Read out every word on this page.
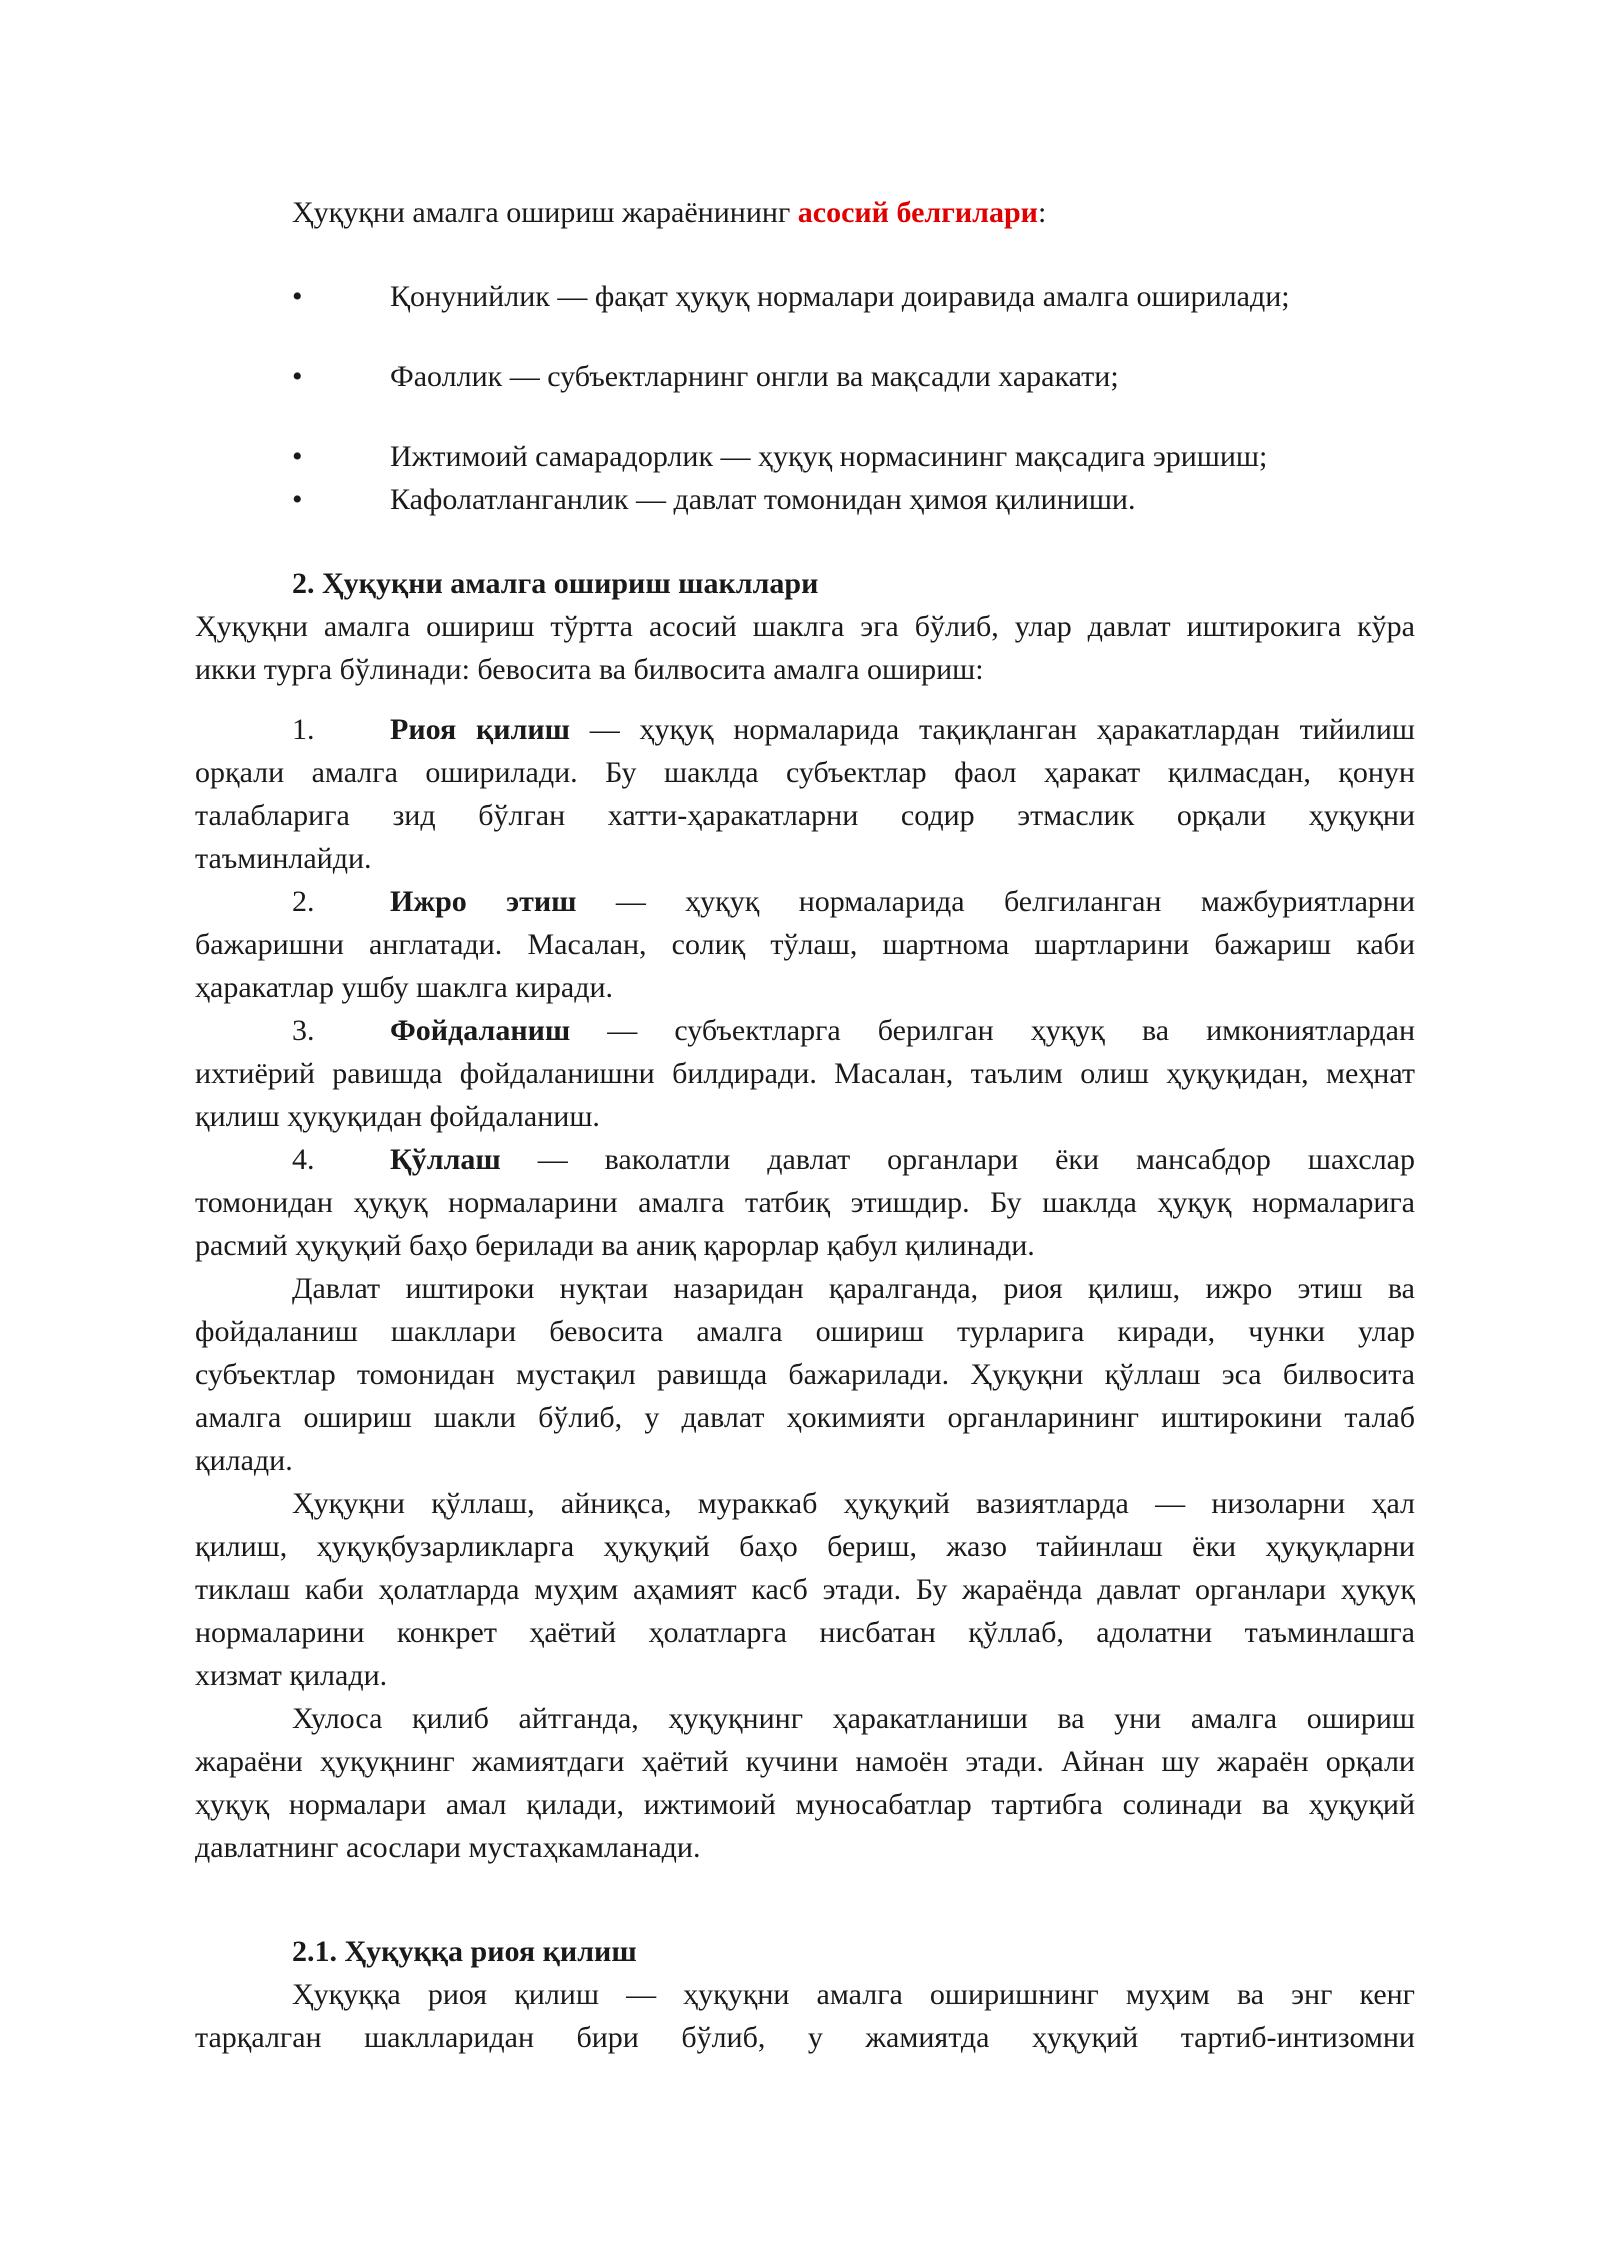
Ҳуқуқни амалга ошириш жараёнининг асосий белгилари:
•	Қонунийлик — фақат ҳуқуқ нормалари доиравида амалга оширилади;
•	Фаоллик — субъектларнинг онгли ва мақсадли харакати;
•	Ижтимоий самарадорлик — ҳуқуқ нормасининг мақсадига эришиш;
•	Кафолатланганлик — давлат томонидан ҳимоя қилиниши.
2. Ҳуқуқни амалга ошириш шакллари
Ҳуқуқни амалга ошириш тўртта асосий шаклга эга бўлиб, улар давлат иштирокига кўра
икки турга бўлинади: бевосита ва билвосита амалга ошириш:
1.	Риоя қилиш — ҳуқуқ нормаларида тақиқланган ҳаракатлардан тийилиш
орқали амалга оширилади. Бу шаклда субъектлар фаол ҳаракат қилмасдан, қонун
талабларига зид бўлган хатти-ҳаракатларни содир этмаслик орқали ҳуқуқни
таъминлайди.
2.	Ижро этиш — ҳуқуқ нормаларида белгиланган мажбуриятларни
бажаришни англатади. Масалан, солиқ тўлаш, шартнома шартларини бажариш каби
ҳаракатлар ушбу шаклга киради.
3.	Фойдаланиш — субъектларга берилган ҳуқуқ ва имкониятлардан
ихтиёрий равишда фойдаланишни билдиради. Масалан, таълим олиш ҳуқуқидан, меҳнат
қилиш ҳуқуқидан фойдаланиш.
4.	Қўллаш — ваколатли давлат органлари ёки мансабдор шахслар
томонидан ҳуқуқ нормаларини амалга татбиқ этишдир. Бу шаклда ҳуқуқ нормаларига
расмий ҳуқуқий баҳо берилади ва аниқ қарорлар қабул қилинади.
Давлат иштироки нуқтаи назаридан қаралганда, риоя қилиш, ижро этиш ва
фойдаланиш шакллари бевосита амалга ошириш турларига киради, чунки улар
субъектлар томонидан мустақил равишда бажарилади. Ҳуқуқни қўллаш эса билвосита
амалга ошириш шакли бўлиб, у давлат ҳокимияти органларининг иштирокини талаб
қилади.
Ҳуқуқни қўллаш, айниқса, мураккаб ҳуқуқий вазиятларда — низоларни ҳал
қилиш, ҳуқуқбузарликларга ҳуқуқий баҳо бериш, жазо тайинлаш ёки ҳуқуқларни
тиклаш каби ҳолатларда муҳим аҳамият касб этади. Бу жараёнда давлат органлари ҳуқуқ
нормаларини конкрет ҳаётий ҳолатларга нисбатан қўллаб, адолатни таъминлашга
хизмат қилади.
Хулоса қилиб айтганда, ҳуқуқнинг ҳаракатланиши ва уни амалга ошириш
жараёни ҳуқуқнинг жамиятдаги ҳаётий кучини намоён этади. Айнан шу жараён орқали
ҳуқуқ нормалари амал қилади, ижтимоий муносабатлар тартибга солинади ва ҳуқуқий
давлатнинг асослари мустаҳкамланади.
2.1. Ҳуқуққа риоя қилиш
Ҳуқуққа риоя қилиш — ҳуқуқни амалга оширишнинг муҳим ва энг кенг
тарқалган шаклларидан бири бўлиб, у жамиятда ҳуқуқий тартиб-интизомни
